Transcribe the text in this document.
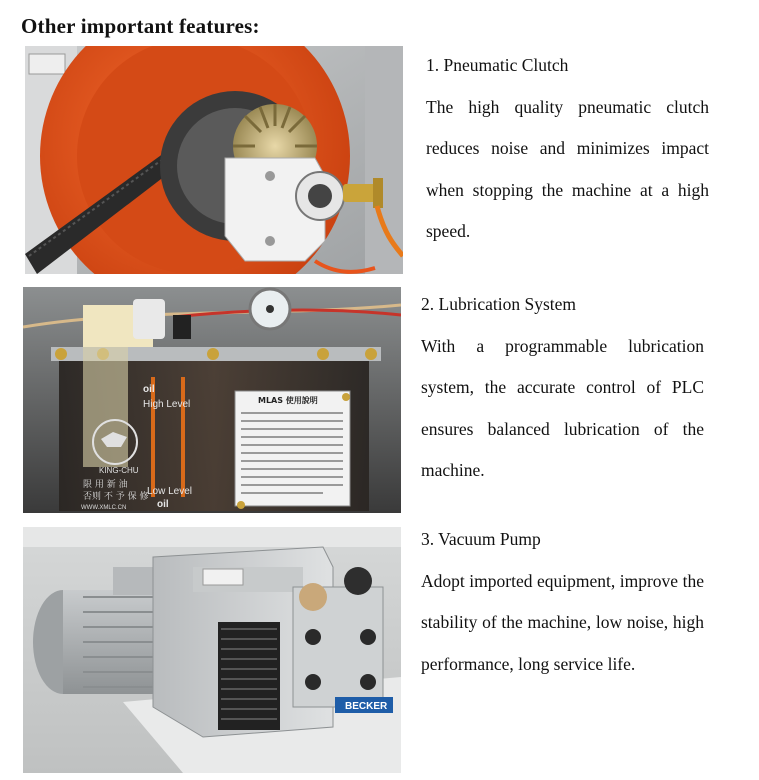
Other important features:
1. Pneumatic Clutch

The high quality pneumatic clutch reduces noise and minimizes impact when stopping the machine at a high speed.

oil
High Level
Low Level
oil
KING-CHU
限 用 新 油
否则 不 予 保 修
WWW.XMLC.CN
MLAS 使用說明
2. Lubrication System

With a programmable lubrication system, the accurate control of PLC ensures balanced lubrication of the machine.

BECKER
3. Vacuum Pump

Adopt imported equipment, improve the stability of the machine, low noise, high performance, long service life.
